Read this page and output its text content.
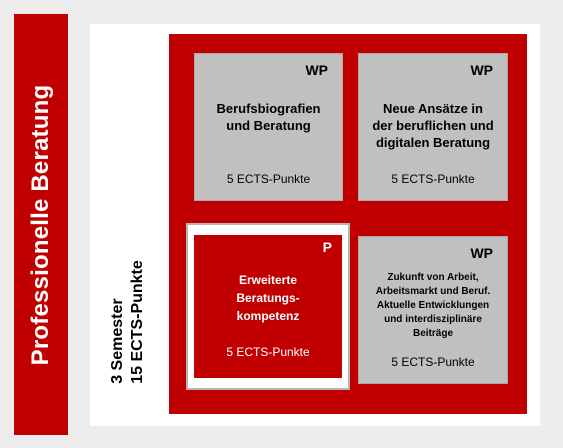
Professionelle Beratung	3 Semester 15 ECTS-Punkte
WP
Berufsbiografien
und Beratung
5 ECTS-Punkte
WP
Neue Ansätze in
der beruflichen und
digitalen Beratung
5 ECTS-Punkte
P
Erweiterte
Beratungs-
kompetenz
5 ECTS-Punkte
WP
Zukunft von Arbeit,
Arbeitsmarkt und Beruf.
Aktuelle Entwicklungen
und interdisziplinäre
Beiträge
5 ECTS-Punkte
